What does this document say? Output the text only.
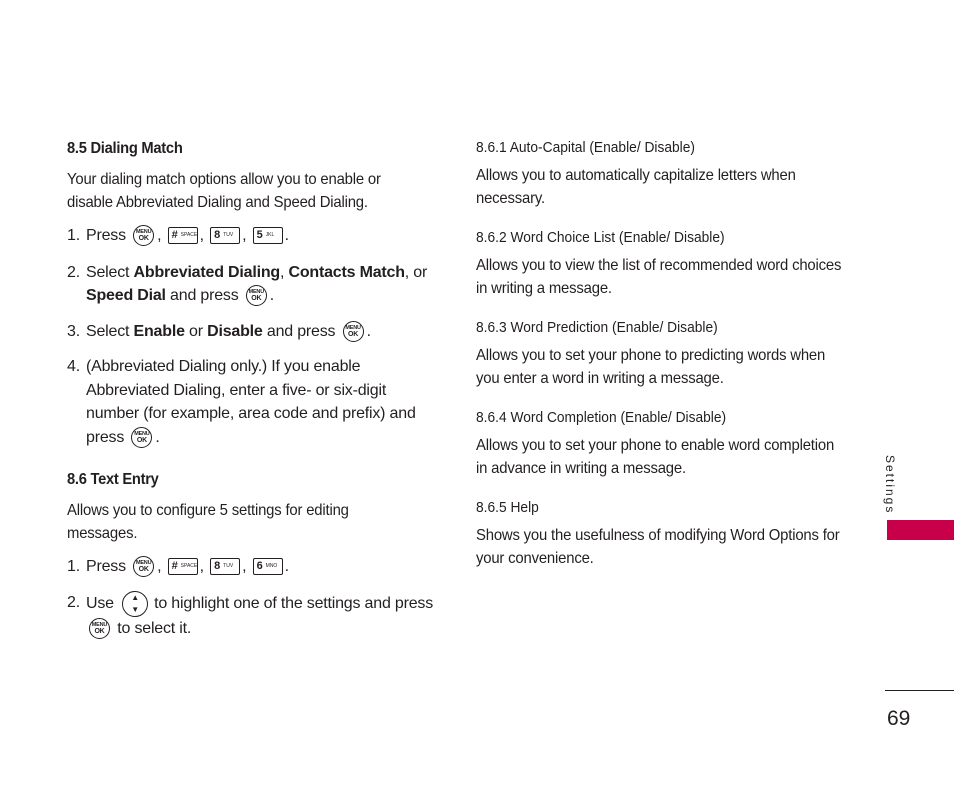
8.5 Dialing Match
Your dialing match options allow you to enable or disable Abbreviated Dialing and Speed Dialing.
1. Press	MENU
OK , # SPACE , 8 TUV , 5 JKL .
2. Select Abbreviated Dialing, Contacts Match, or Speed Dial and press	MENU
OK .
3. Select Enable or Disable and press	MENU
OK .
4. (Abbreviated Dialing only.) If you enable Abbreviated Dialing, enter a five- or six-digit number (for example, area code and prefix) and press	MENU
OK .
8.6 Text Entry
Allows you to configure 5 settings for editing messages.
1. Press	MENU
OK , # SPACE , 8 TUV , 6 MNO .
2. Use	▲
▼ to highlight one of the settings and press
MENU
OK to select it.
8.6.1 Auto-Capital (Enable/ Disable)
Allows you to automatically capitalize letters when necessary.
8.6.2 Word Choice List (Enable/ Disable)
Allows you to view the list of recommended word choices in writing a message.
8.6.3 Word Prediction (Enable/ Disable)
Allows you to set your phone to predicting words when you enter a word in writing a message.
8.6.4 Word Completion (Enable/ Disable)
Allows you to set your phone to enable word completion in advance in writing a message.
8.6.5 Help
Shows you the usefulness of modifying Word Options for your convenience.
Settings
69
